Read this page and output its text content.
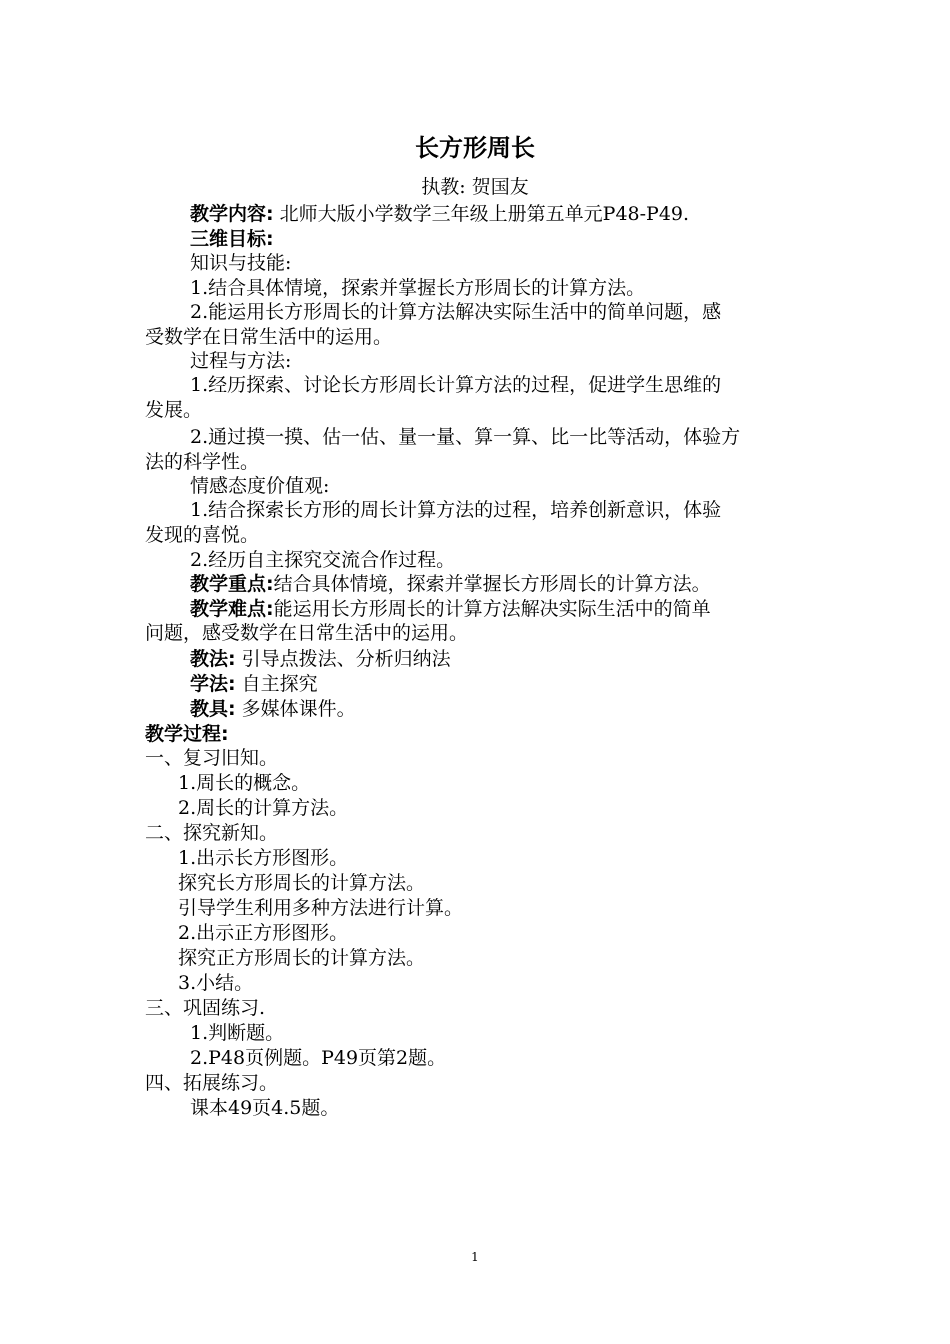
长方形周长
执教: 贺国友
教学内容: 北师大版小学数学三年级上册第五单元P48-P49.
三维目标:
知识与技能:
1.结合具体情境，探索并掌握长方形周长的计算方法。
2.能运用长方形周长的计算方法解决实际生活中的简单问题，感
受数学在日常生活中的运用。
过程与方法:
1.经历探索、讨论长方形周长计算方法的过程，促进学生思维的
发展。
2.通过摸一摸、估一估、量一量、算一算、比一比等活动，体验方
法的科学性。
情感态度价值观:
1.结合探索长方形的周长计算方法的过程，培养创新意识，体验
发现的喜悦。
2.经历自主探究交流合作过程。
教学重点:结合具体情境，探索并掌握长方形周长的计算方法。
教学难点:能运用长方形周长的计算方法解决实际生活中的简单
问题，感受数学在日常生活中的运用。
教法: 引导点拨法、分析归纳法
学法: 自主探究
教具: 多媒体课件。
教学过程:
一、复习旧知。
1.周长的概念。
2.周长的计算方法。
二、探究新知。
1.出示长方形图形。
探究长方形周长的计算方法。
引导学生利用多种方法进行计算。
2.出示正方形图形。
探究正方形周长的计算方法。
3.小结。
三、巩固练习.
1.判断题。
2.P48页例题。P49页第2题。
四、拓展练习。
课本49页4.5题。
1
